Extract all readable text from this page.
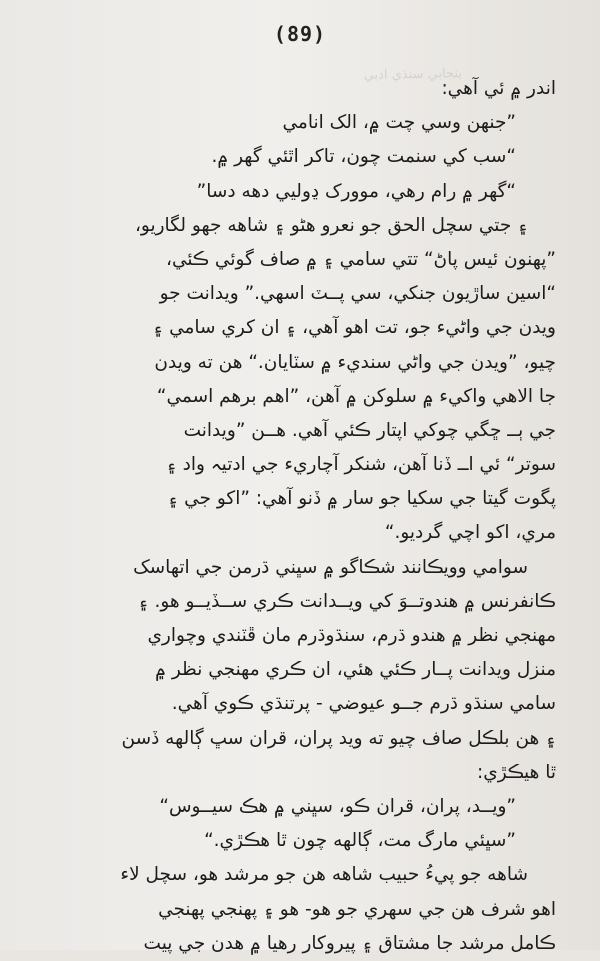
(89)
پنجابي سنڌي ادبي
اندر ۾ ئي آهي:
”جنهن وسي چت ۾، الک انامي
“سب کي سنمت چون، تاکر اٿئي گهر ۾.
“گهر ۾ رام رهي، موورک ڍوليي دهه دسا”
۽ جتي سچل الحق جو نعرو هڻو ۽ شاهه جهو لگاريو،
”پهنون ئيس پاڻ“ تتي سامي ۽ ۾ صاف گوئي ڪئي،
“اسين ساڙيون جنکي، سي پــٽ اسهي.” ويدانت جو
ويدن جي واڻيء جو، تت اهو آهي، ۽ ان کري سامي ۽
چيو، ”ويدن جي واڻي سنديء ۾ سٽايان.“ هن ته ويدن
جا الاهي واکيء ۾ سلوکن ۾ آهن، ”اهم برهم اسمي“
جي ٻــ ڇگي چوکي اپتار ڪئي آهي. هــن ”ويدانت
سوتر“ ئي اــ ڏنا آهن، شنکر آچاريء جي ادتيہ واد ۽
پگوت گيتا جي سکيا جو سار ۾ ڏنو آهي: ”اکو جي ۽
مري، اکو اچي گرديو.“
سوامي وويڪانند شڪاگو ۾ سڀني ڌرمن جي اتهاسک
ڪانفرنس ۾ هندوتــوَ کي ويــدانت ڪري ســڏيــو هو. ۽
مهنجي نظر ۾ هندو ڌرم، سنڌوڌرم مان ڦٽندي وچواري
منزل ويدانت پــار ڪئي هئي، ان ڪري مهنجي نظر ۾
سامي سنڌو ڌرم جــو عيوضي - پرتنڌي ڪوي آهي.
۽ هن بلڪل صاف چيو ته ويد پران، قران سڀ ڳالهه ڏسن
ٿا هيڪڙي:
”ويــد، پران، قران ڪو، سڀني ۾ هڪ سيــوس“
”سڀئي مارگ مت، ڳالهه چون ٿا هڪڙي.“
شاهه جو پيءُ حبيب شاهه هن جو مرشد هو، سچل لاء
اهو شرف هن جي سهري جو هو- هو ۽ پهنجي پهنجي
ڪامل مرشد جا مشتاق ۽ پيروکار رهيا ۾ هدن جي پيت
